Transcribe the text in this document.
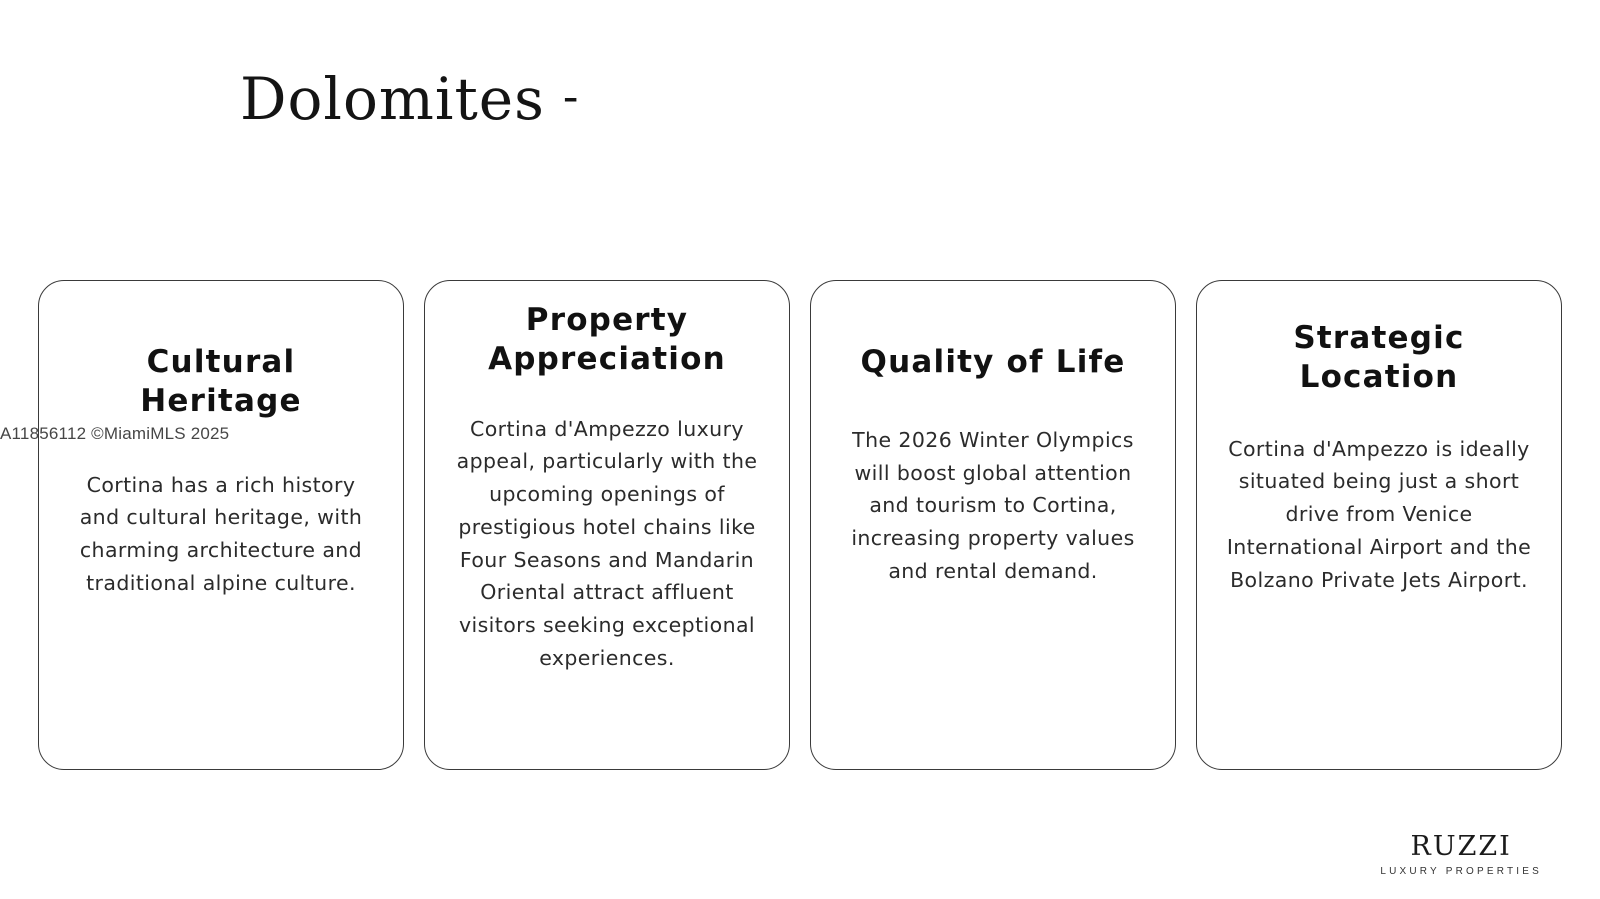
Dolomites -
Cultural Heritage

Cortina has a rich history and cultural heritage, with charming architecture and traditional alpine culture.

Property Appreciation

Cortina d'Ampezzo luxury appeal, particularly with the upcoming openings of prestigious hotel chains like Four Seasons and Mandarin Oriental attract affluent visitors seeking exceptional experiences.

Quality of Life

The 2026 Winter Olympics will boost global attention and tourism to Cortina, increasing property values and rental demand.

Strategic Location

Cortina d'Ampezzo is ideally situated being just a short drive from Venice International Airport and the Bolzano Private Jets Airport.

A11856112 ©MiamiMLS 2025
RUZZI
LUXURY PROPERTIES
